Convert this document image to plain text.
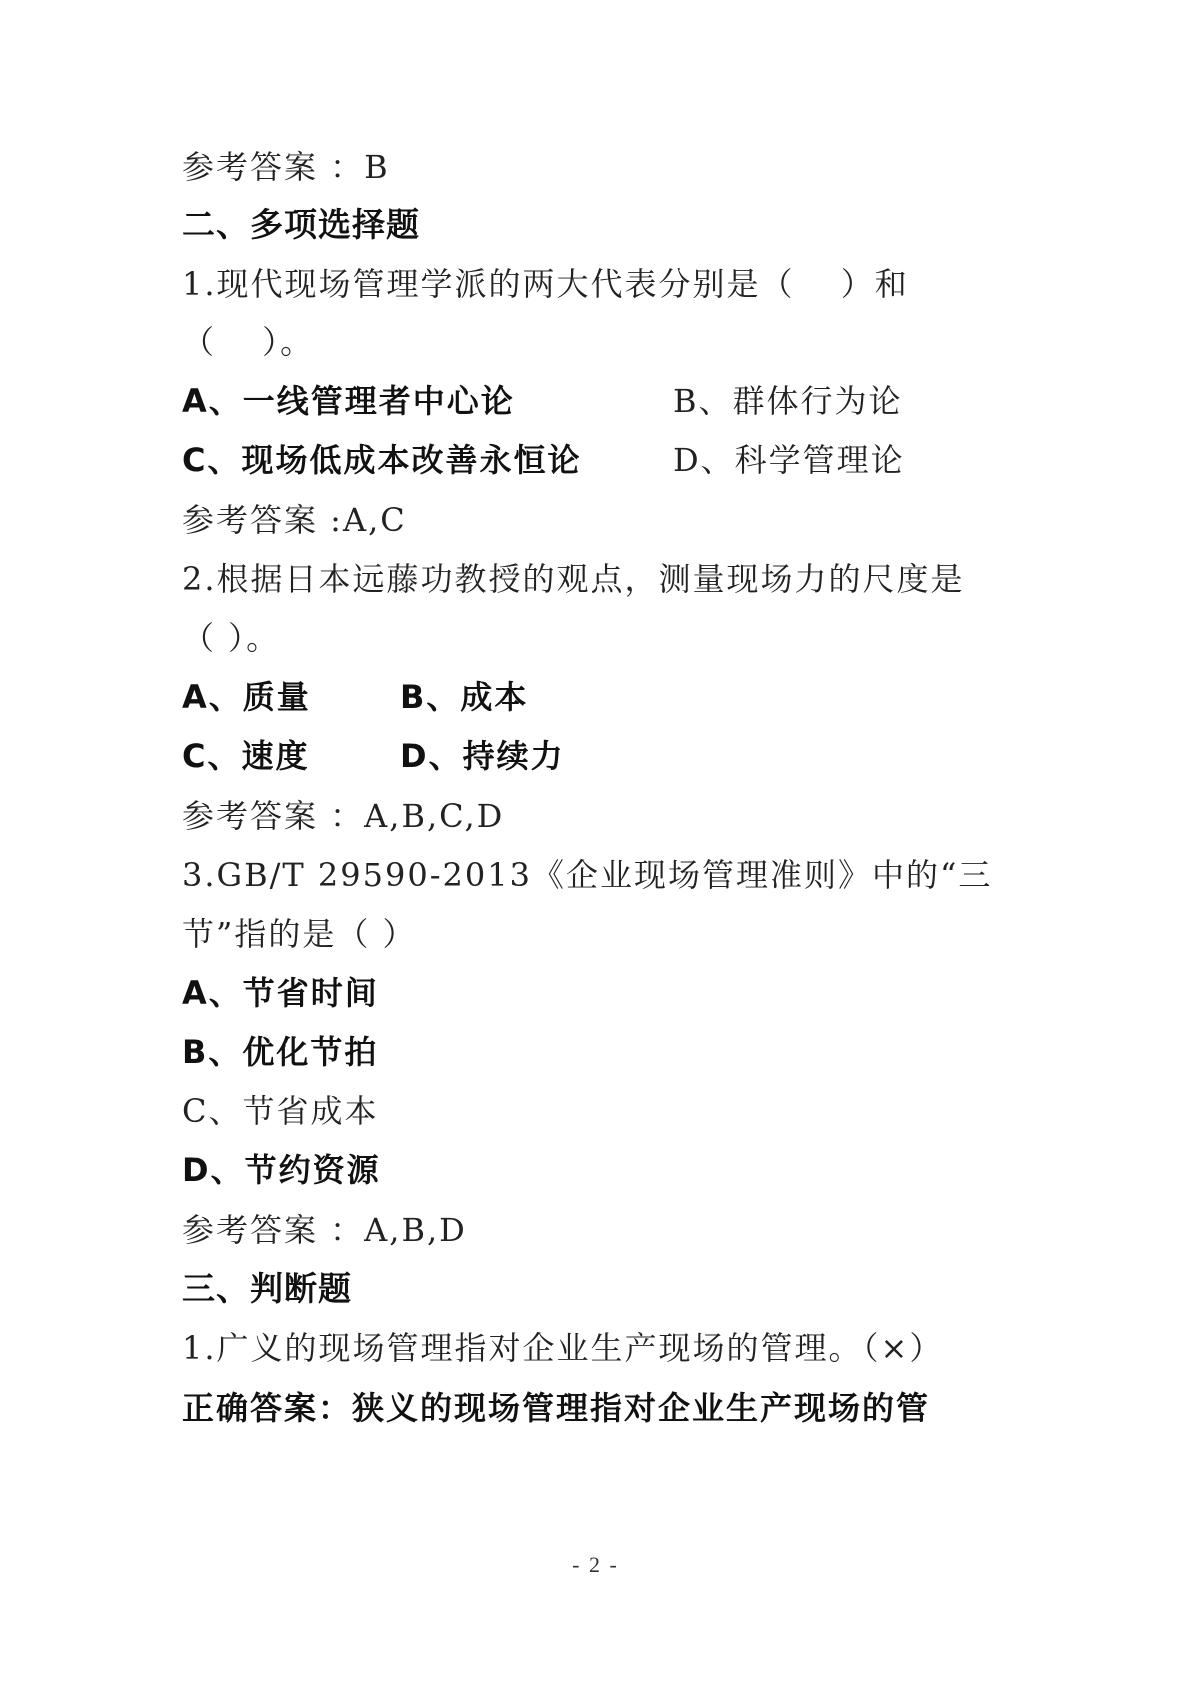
参考答案 ：B
二、多项选择题
1.现代现场管理学派的两大代表分别是（　 ）和
（　 ）。
A、一线管理者中心论	B、群体行为论
C、现场低成本改善永恒论	D、科学管理论
参考答案 :A,C
2.根据日本远藤功教授的观点，测量现场力的尺度是
（ ）。
A、质量	B、成本
C、速度	D、持续力
参考答案 ：A,B,C,D
3.GB/T 29590-2013《企业现场管理准则》中的“三
节”指的是（ ）
A、节省时间
B、优化节拍
C、节省成本
D、节约资源
参考答案 ：A,B,D
三、判断题
1.广义的现场管理指对企业生产现场的管理。（×）
正确答案：狭义的现场管理指对企业生产现场的管
- 2 -
